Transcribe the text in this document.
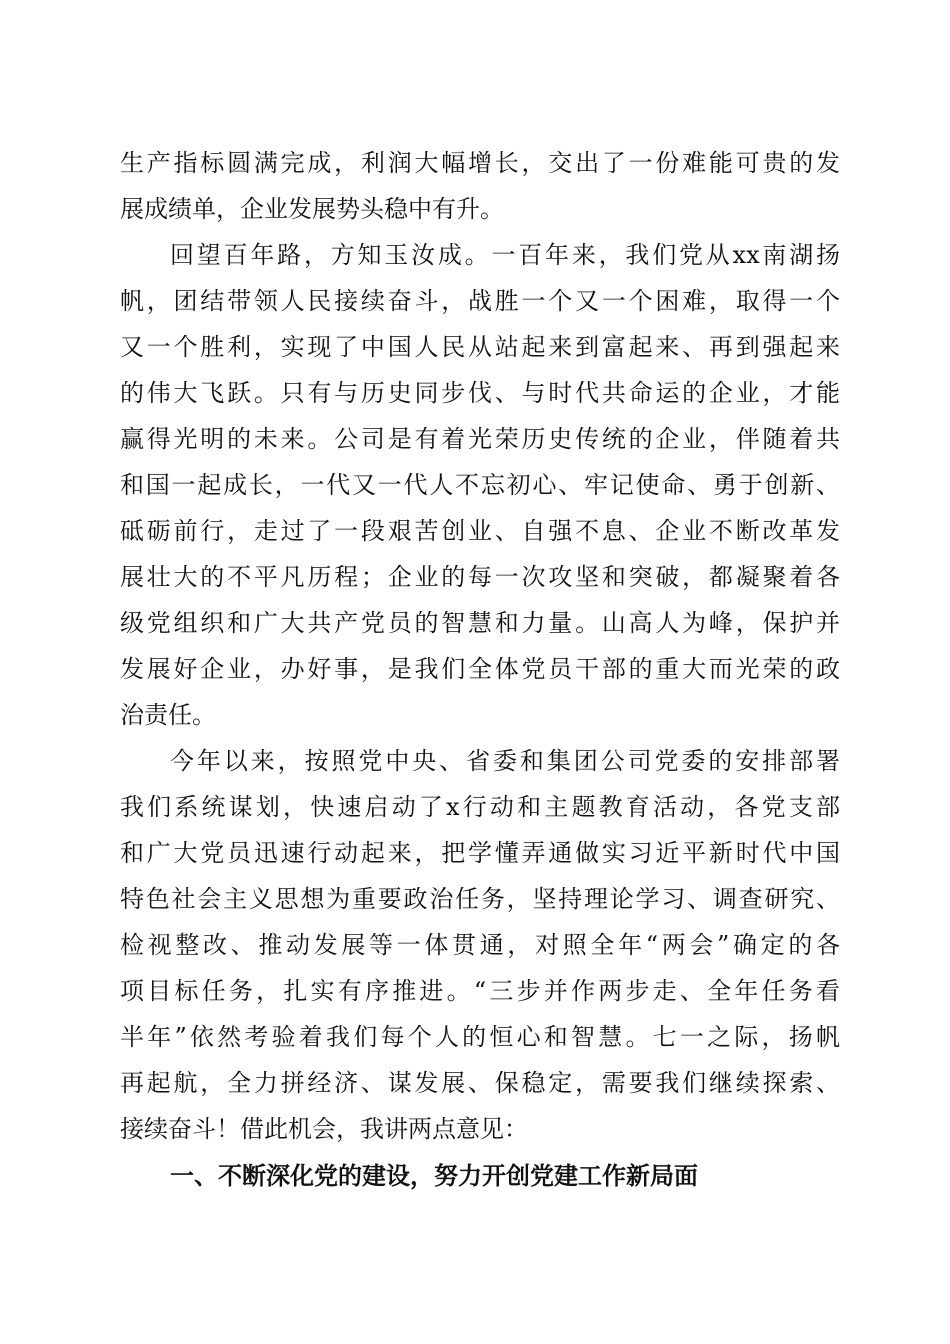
生产指标圆满完成，利润大幅增长，交出了一份难能可贵的发
展成绩单，企业发展势头稳中有升。
回望百年路，方知玉汝成。一百年来，我们党从xx南湖扬
帆，团结带领人民接续奋斗，战胜一个又一个困难，取得一个
又一个胜利，实现了中国人民从站起来到富起来、再到强起来
的伟大飞跃。只有与历史同步伐、与时代共命运的企业，才能
赢得光明的未来。公司是有着光荣历史传统的企业，伴随着共
和国一起成长，一代又一代人不忘初心、牢记使命、勇于创新、
砥砺前行，走过了一段艰苦创业、自强不息、企业不断改革发
展壮大的不平凡历程；企业的每一次攻坚和突破，都凝聚着各
级党组织和广大共产党员的智慧和力量。山高人为峰，保护并
发展好企业，办好事，是我们全体党员干部的重大而光荣的政
治责任。
今年以来，按照党中央、省委和集团公司党委的安排部署
我们系统谋划，快速启动了x行动和主题教育活动，各党支部
和广大党员迅速行动起来，把学懂弄通做实习近平新时代中国
特色社会主义思想为重要政治任务，坚持理论学习、调查研究、
检视整改、推动发展等一体贯通，对照全年“两会”确定的各
项目标任务，扎实有序推进。“三步并作两步走、全年任务看
半年”依然考验着我们每个人的恒心和智慧。七一之际，扬帆
再起航，全力拼经济、谋发展、保稳定，需要我们继续探索、
接续奋斗！借此机会，我讲两点意见：
一、不断深化党的建设，努力开创党建工作新局面
